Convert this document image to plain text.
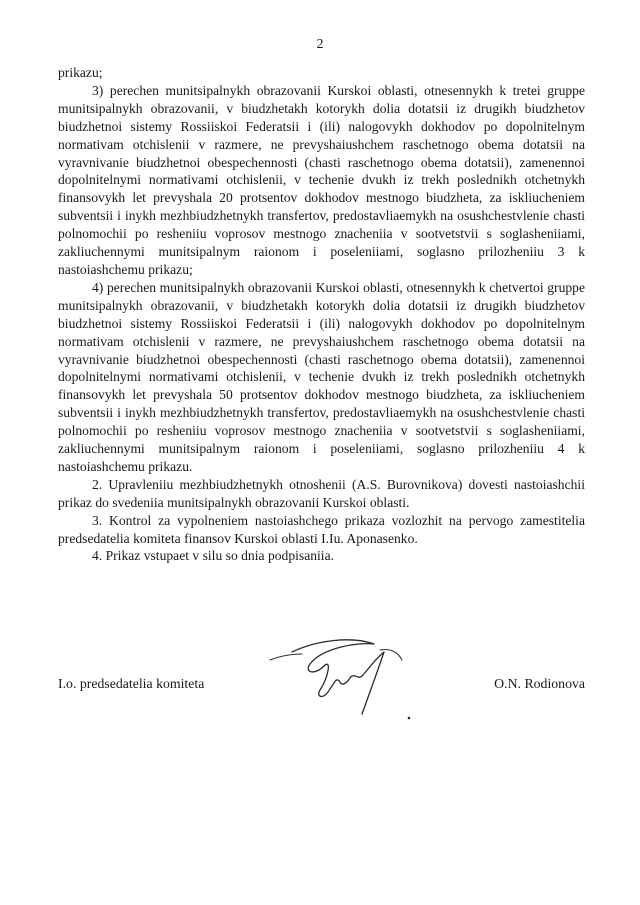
2

prikazu;

3) perechen munitsipalnykh obrazovanii Kurskoi oblasti, otnesennykh k tretei gruppe munitsipalnykh obrazovanii, v biudzhetakh kotorykh dolia dotatsii iz drugikh biudzhetov biudzhetnoi sistemy Rossiiskoi Federatsii i (ili) nalogovykh dokhodov po dopolnitelnym normativam otchislenii v razmere, ne prevyshaiushchem raschetnogo obema dotatsii na vyravnivanie biudzhetnoi obespechennosti (chasti raschetnogo obema dotatsii), zamenennoi dopolnitelnymi normativami otchislenii, v techenie dvukh iz trekh poslednikh otchetnykh finansovykh let prevyshala 20 protsentov dokhodov mestnogo biudzheta, za iskliucheniem subventsii i inykh mezhbiudzhetnykh transfertov, predostavliaemykh na osushchestvlenie chasti polnomochii po resheniiu voprosov mestnogo znacheniia v sootvetstvii s soglasheniiami, zakliuchennymi munitsipalnym raionom i poseleniiami, soglasno prilozheniiu 3 k nastoiashchemu prikazu;

4) perechen munitsipalnykh obrazovanii Kurskoi oblasti, otnesennykh k chetvertoi gruppe munitsipalnykh obrazovanii, v biudzhetakh kotorykh dolia dotatsii iz drugikh biudzhetov biudzhetnoi sistemy Rossiiskoi Federatsii i (ili) nalogovykh dokhodov po dopolnitelnym normativam otchislenii v razmere, ne prevyshaiushchem raschetnogo obema dotatsii na vyravnivanie biudzhetnoi obespechennosti (chasti raschetnogo obema dotatsii), zamenennoi dopolnitelnymi normativami otchislenii, v techenie dvukh iz trekh poslednikh otchetnykh finansovykh let prevyshala 50 protsentov dokhodov mestnogo biudzheta, za iskliucheniem subventsii i inykh mezhbiudzhetnykh transfertov, predostavliaemykh na osushchestvlenie chasti polnomochii po resheniiu voprosov mestnogo znacheniia v sootvetstvii s soglasheniiami, zakliuchennymi munitsipalnym raionom i poseleniiami, soglasno prilozheniiu 4 k nastoiashchemu prikazu.

2. Upravleniiu mezhbiudzhetnykh otnoshenii (A.S. Burovnikova) dovesti nastoiashchii prikaz do svedeniia munitsipalnykh obrazovanii Kurskoi oblasti.

3. Kontrol za vypolneniem nastoiashchego prikaza vozlozhit na pervogo zamestitelia predsedatelia komiteta finansov Kurskoi oblasti I.Iu. Aponasenko.

4. Prikaz vstupaet v silu so dnia podpisaniia.

I.o. predsedatelia komiteta	O.N. Rodionova
